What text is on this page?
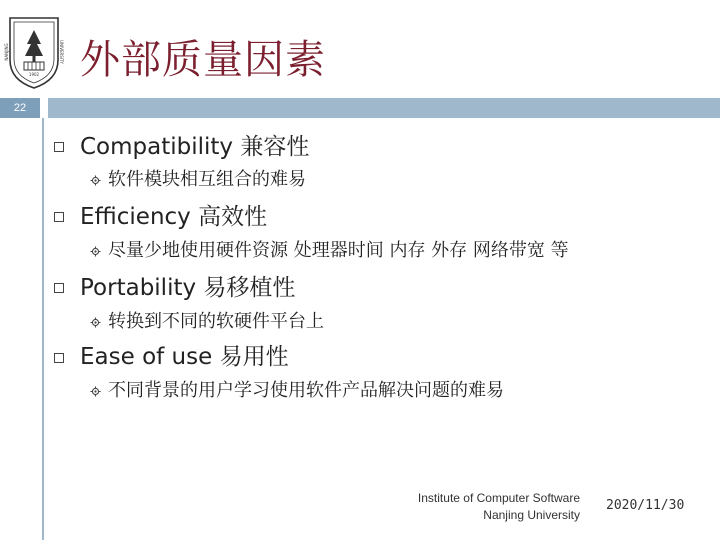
1902
NANJING	UNIVERSITY 外部质量因素
22
Compatibility 兼容性
软件模块相互组合的难易
Efficiency 高效性
尽量少地使用硬件资源 处理器时间 内存 外存 网络带宽 等
Portability 易移植性
转换到不同的软硬件平台上
Ease of use 易用性
不同背景的用户学习使用软件产品解决问题的难易
Institute of Computer Software
Nanjing University
2020/11/30
